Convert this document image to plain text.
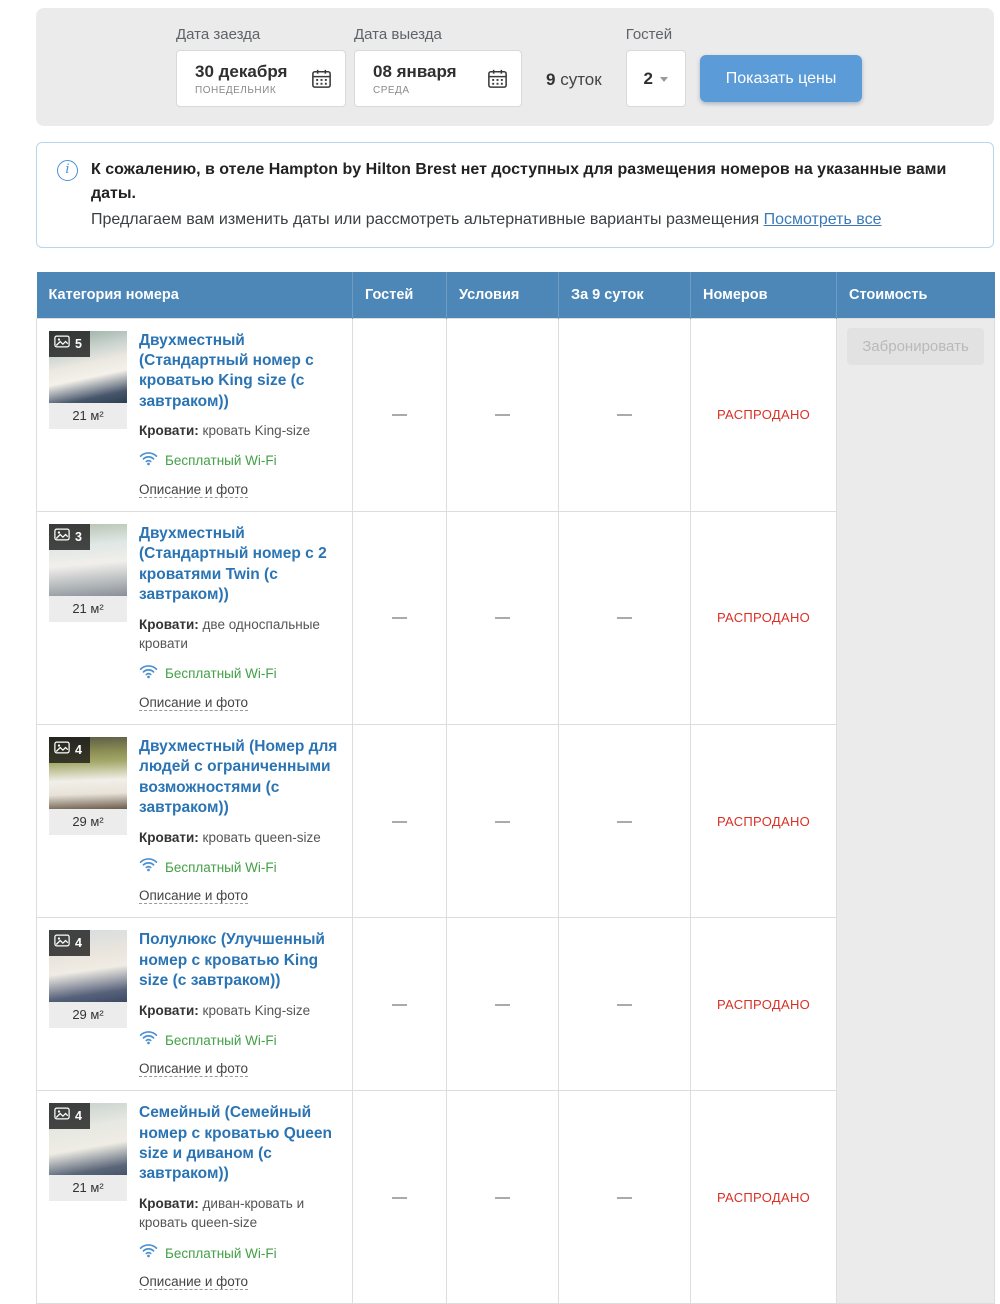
Дата заезда
30 декабря
ПОНЕДЕЛЬНИК
Дата выезда
08 января
СРЕДА
9 суток
Гостей
2	Показать цены
i	К сожалению, в отеле Hampton by Hilton Brest нет доступных для размещения номеров на указанные вами даты.
Предлагаем вам изменить даты или рассмотреть альтернативные варианты размещения Посмотреть все
Категория номера	Гостей	Условия	За 9 суток	Номеров	Стоимость

5
21 м²
Двухместный (Стандартный номер с кроватью King size (с завтраком))
Кровати: кровать King-size
Бесплатный Wi-Fi
Описание и фото
	—	—	—	РАСПРОДАНО	Забронировать

3
21 м²
Двухместный (Стандартный номер с 2 кроватями Twin (с завтраком))
Кровати: две односпальные кровати
Бесплатный Wi-Fi
Описание и фото
	—	—	—	РАСПРОДАНО

4
29 м²
Двухместный (Номер для людей с ограниченными возможностями (с завтраком))
Кровати: кровать queen-size
Бесплатный Wi-Fi
Описание и фото
	—	—	—	РАСПРОДАНО

4
29 м²
Полулюкс (Улучшенный номер с кроватью King size (с завтраком))
Кровати: кровать King-size
Бесплатный Wi-Fi
Описание и фото
	—	—	—	РАСПРОДАНО

4
21 м²
Семейный (Семейный номер с кроватью Queen size и диваном (с завтраком))
Кровати: диван-кровать и кровать queen-size
Бесплатный Wi-Fi
Описание и фото
	—	—	—	РАСПРОДАНО
